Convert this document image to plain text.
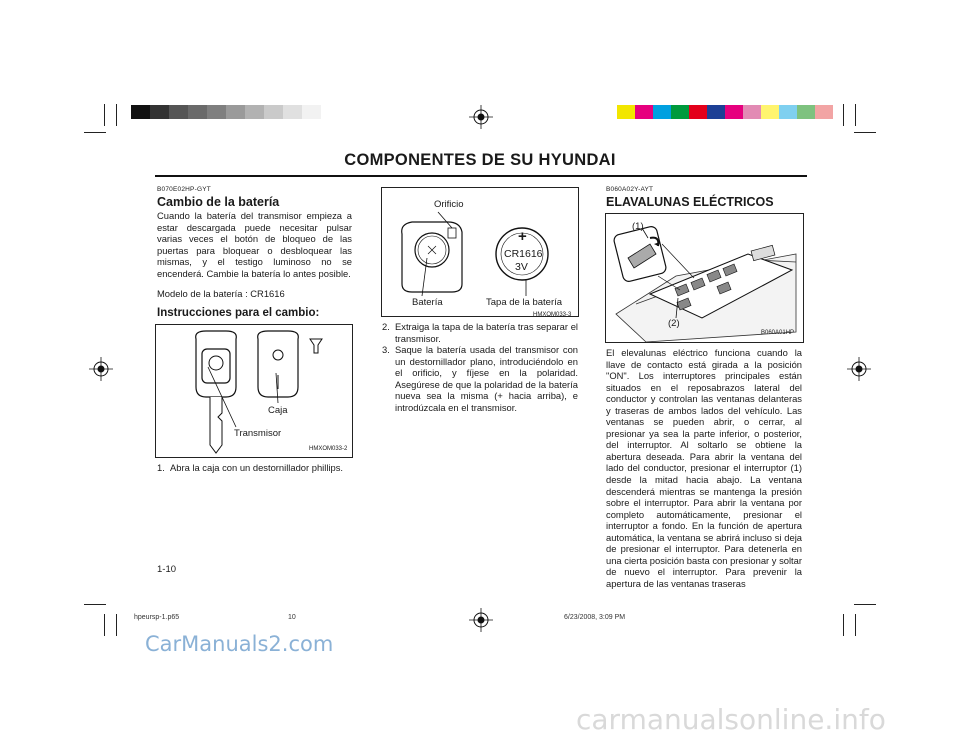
COMPONENTES DE SU HYUNDAI
B070E02HP-GYT
Cambio de la batería
Cuando la batería del transmisor empieza a estar descargada puede necesitar pulsar varias veces el botón de bloqueo de las puertas para bloquear o desbloquear las mismas, y el testigo luminoso no se encenderá. Cambie la batería lo antes posible.
Modelo de la batería : CR1616
Instrucciones para el cambio:
Caja
Transmisor
HMXOM033-2
1. Abra la caja con un destornillador phillips.
Orificio
+
CR1616
3V
Batería	Tapa de la batería
HMXOM033-3
2. Extraiga la tapa de la batería tras separar el transmisor.
3. Saque la batería usada del transmisor con un destornillador plano, introduciéndolo en el orificio, y fíjese en la polaridad. Asegúrese de que la polaridad de la batería nueva sea la misma (+ hacia arriba), e introdúzcala en el transmisor.
B060A02Y-AYT
ELAVALUNAS ELÉCTRICOS
(1)
(2)
B060A01HP
El elevalunas eléctrico funciona cuando la llave de contacto está girada a la posición "ON". Los interruptores principales están situados en el reposabrazos lateral del conductor y controlan las ventanas delanteras y traseras de ambos lados del vehículo. Las ventanas se pueden abrir, o cerrar, al presionar ya sea la parte inferior, o posterior, del interruptor. Al soltarlo se obtiene la abertura deseada. Para abrir la ventana del lado del conductor, presionar el interruptor (1) desde la mitad hacia abajo. La ventana descenderá mientras se mantenga la presión sobre el interruptor. Para abrir la ventana por completo automáticamente, presionar el interruptor a fondo. En la función de apertura automática, la ventana se abrirá incluso si deja de presionar el interruptor. Para detenerla en una cierta posición basta con presionar y soltar de nuevo el interruptor. Para prevenir la apertura de las ventanas traseras
1-10
hpeursp-1.p65	10	6/23/2008, 3:09 PM
CarManuals2.com
carmanualsonline.info
